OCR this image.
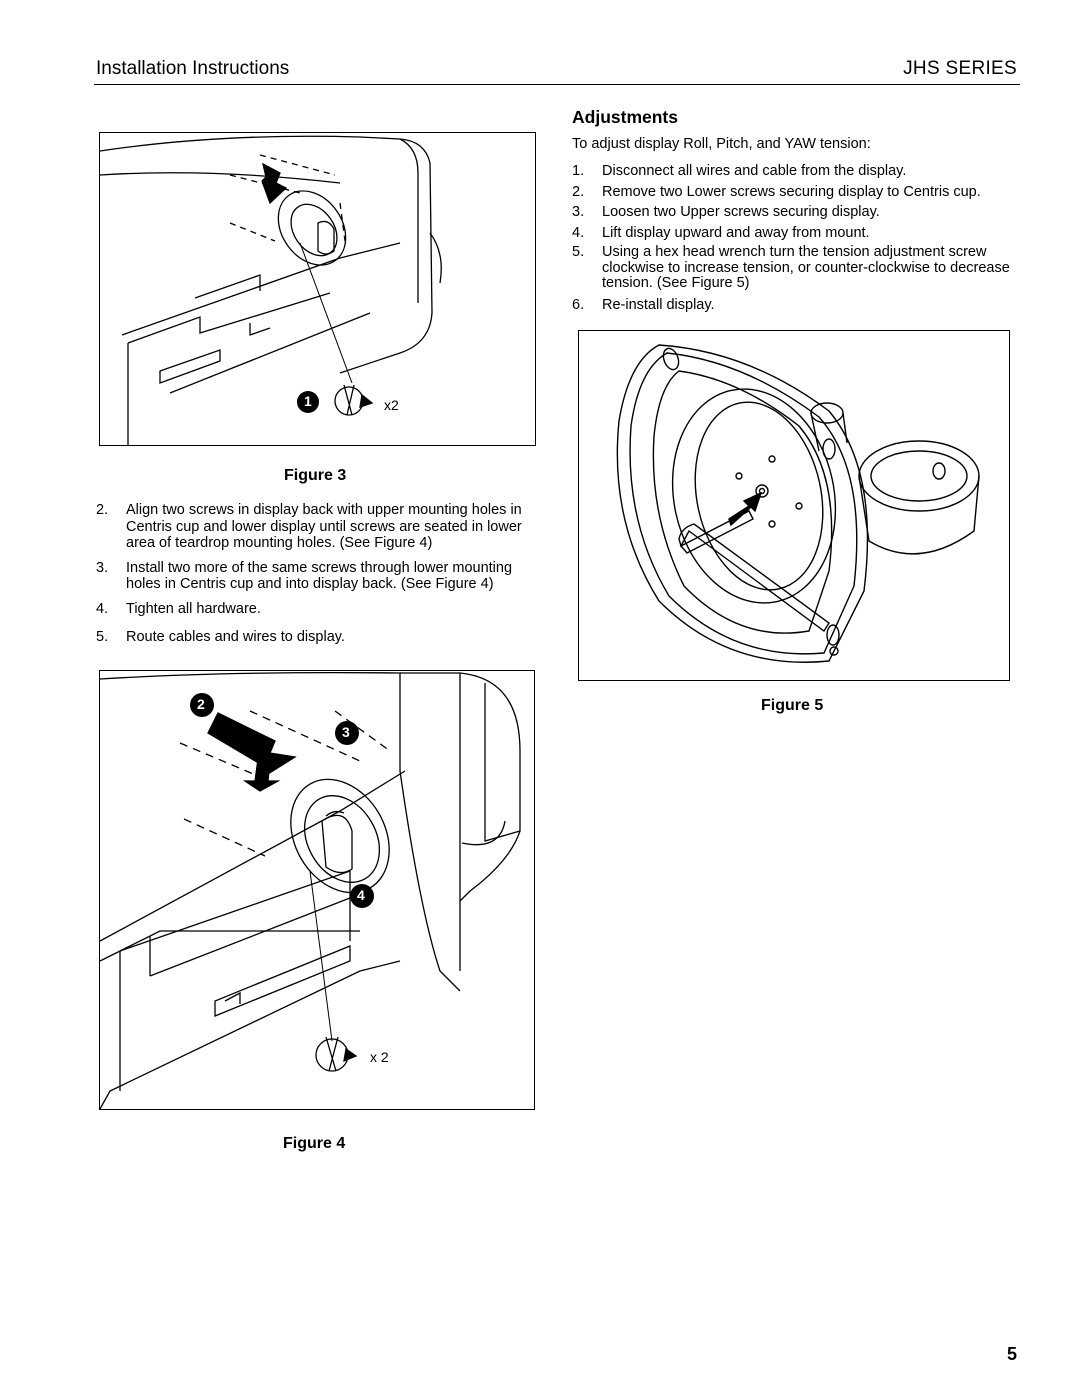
Installation Instructions	JHS SERIES
1	x2
Figure 3
2. Align two screws in display back with upper mounting holes in Centris cup and lower display until screws are seated in lower area of teardrop mounting holes. (See Figure 4)
3. Install two more of the same screws through lower mounting holes in Centris cup and into display back. (See Figure 4)
4. Tighten all hardware.
5. Route cables and wires to display.
2
3
4
x 2
Figure 4
Adjustments
To adjust display Roll, Pitch, and YAW tension:
1. Disconnect all wires and cable from the display.
2. Remove two Lower screws securing display to Centris cup.
3. Loosen two Upper screws securing display.
4. Lift display upward and away from mount.
5. Using a hex head wrench turn the tension adjustment screw clockwise to increase tension, or counter-clockwise to decrease tension. (See Figure 5)
6. Re-install display.
Figure 5
5
